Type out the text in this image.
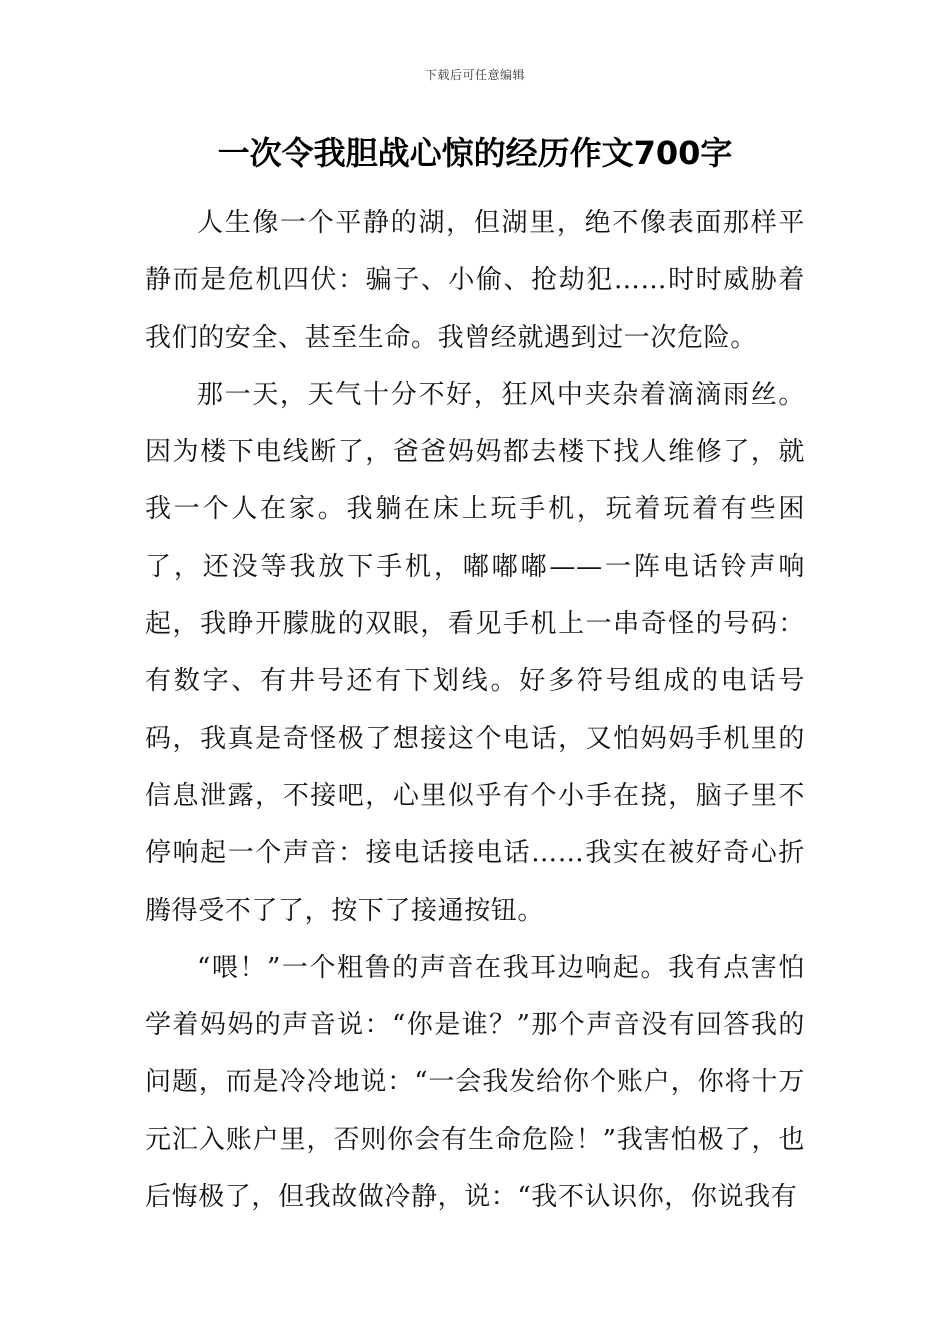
下载后可任意编辑
一次令我胆战心惊的经历作文700字

人生像一个平静的湖，但湖里，绝不像表面那样平静而是危机四伏：骗子、小偷、抢劫犯……时时威胁着我们的安全、甚至生命。我曾经就遇到过一次危险。

那一天，天气十分不好，狂风中夹杂着滴滴雨丝。因为楼下电线断了，爸爸妈妈都去楼下找人维修了，就我一个人在家。我躺在床上玩手机，玩着玩着有些困了，还没等我放下手机，嘟嘟嘟——一阵电话铃声响起，我睁开朦胧的双眼，看见手机上一串奇怪的号码：有数字、有井号还有下划线。好多符号组成的电话号码，我真是奇怪极了想接这个电话，又怕妈妈手机里的信息泄露，不接吧，心里似乎有个小手在挠，脑子里不停响起一个声音：接电话接电话……我实在被好奇心折腾得受不了了，按下了接通按钮。

“喂！”一个粗鲁的声音在我耳边响起。我有点害怕学着妈妈的声音说：“你是谁？”那个声音没有回答我的问题，而是冷冷地说：“一会我发给你个账户，你将十万元汇入账户里，否则你会有生命危险！”我害怕极了，也后悔极了，但我故做冷静，说：“我不认识你，你说我有
